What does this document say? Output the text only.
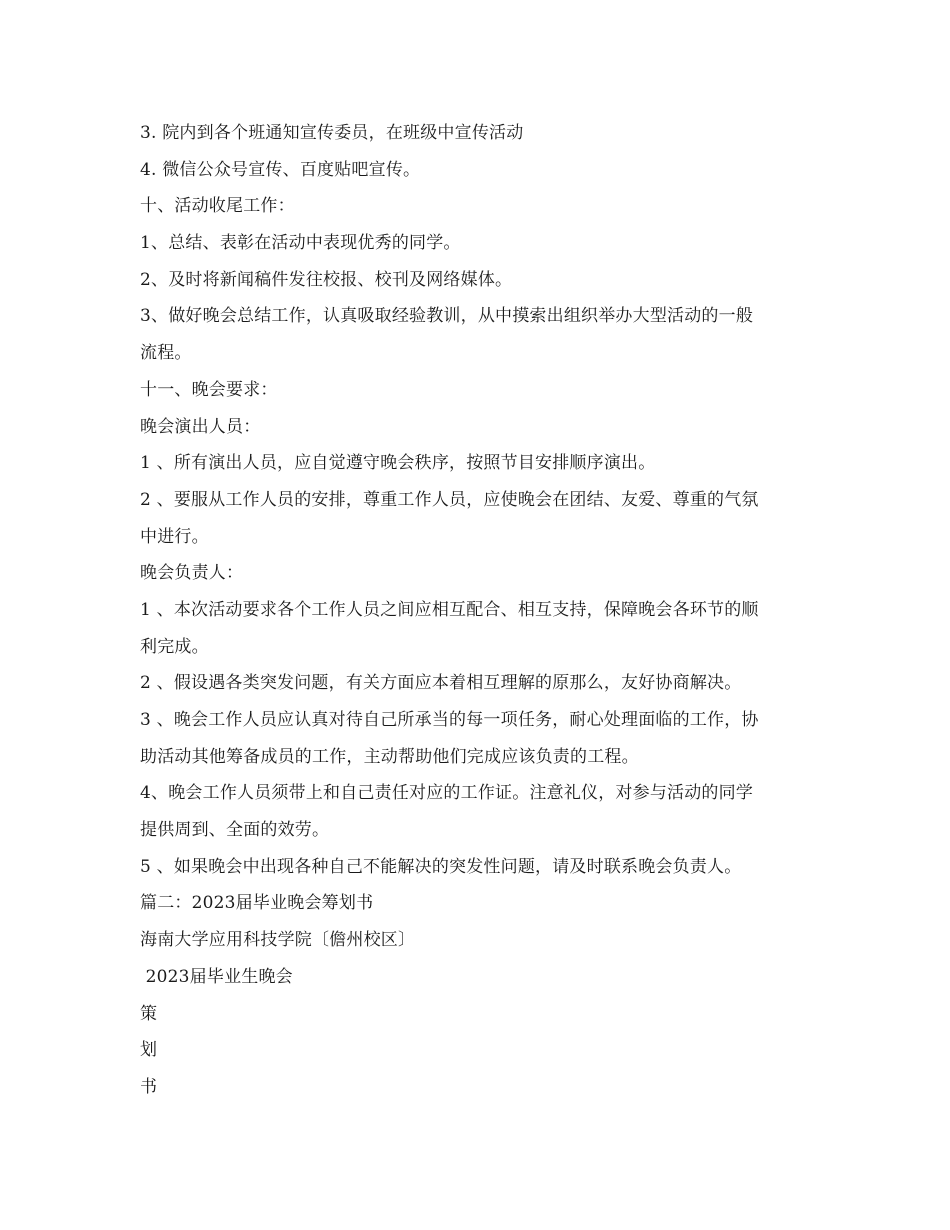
3. 院内到各个班通知宣传委员，在班级中宣传活动

4. 微信公众号宣传、百度贴吧宣传。

十、活动收尾工作：

1、总结、表彰在活动中表现优秀的同学。

2、及时将新闻稿件发往校报、校刊及网络媒体。

3、做好晚会总结工作，认真吸取经验教训，从中摸索出组织举办大型活动的一般

流程。

十一、晚会要求：

晚会演出人员：

1 、所有演出人员，应自觉遵守晚会秩序，按照节目安排顺序演出。

2 、要服从工作人员的安排，尊重工作人员，应使晚会在团结、友爱、尊重的气氛

中进行。

晚会负责人：

1 、本次活动要求各个工作人员之间应相互配合、相互支持，保障晚会各环节的顺

利完成。

2 、假设遇各类突发问题，有关方面应本着相互理解的原那么，友好协商解决。

3 、晚会工作人员应认真对待自己所承当的每一项任务，耐心处理面临的工作，协

助活动其他筹备成员的工作，主动帮助他们完成应该负责的工程。

4、晚会工作人员须带上和自己责任对应的工作证。注意礼仪，对参与活动的同学

提供周到、全面的效劳。

5 、如果晚会中出现各种自己不能解决的突发性问题，请及时联系晚会负责人。

篇二：2023届毕业晚会筹划书

海南大学应用科技学院〔儋州校区〕

2023届毕业生晚会

策

划

书
